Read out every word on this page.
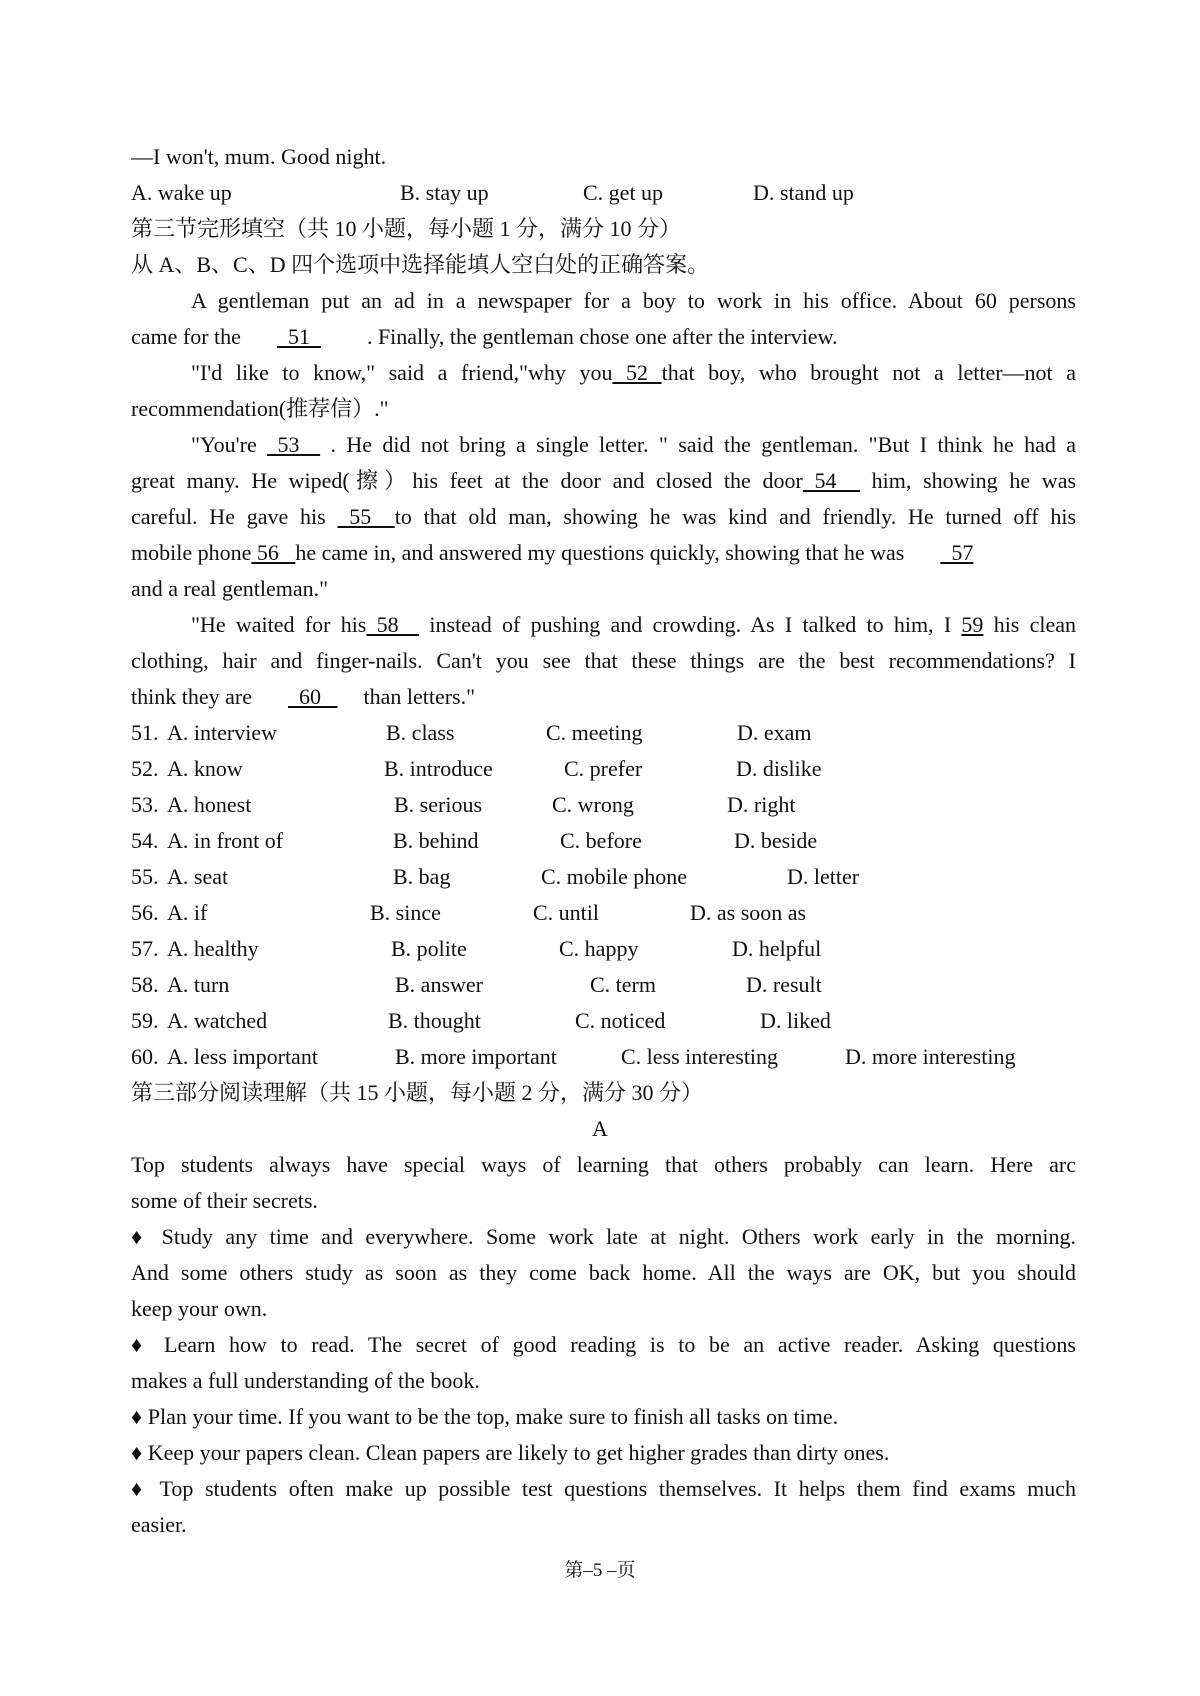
—I won't, mum. Good night.
A. wake up	B. stay up	C. get up	D. stand up
第三节完形填空（共 10 小题，每小题 1 分，满分 10 分）
从 A、B、C、D 四个选项中选择能填人空白处的正确答案。
A gentleman put an ad in a newspaper for a boy to work in his office. About 60 persons
came for the  51  . Finally, the gentleman chose one after the interview.
"I'd like to know," said a friend,"why you 52 that boy, who brought not a letter—not a
recommendation(推荐信）."
"You're  53   . He did not bring a single letter. " said the gentleman. "But I think he had a
great many. He wiped(擦）his feet at the door and closed the door 54   him, showing he was
careful. He gave his  55  to that old man, showing he was kind and friendly. He turned off his
mobile phone 56   he came in, and answered my questions quickly, showing that he was  57
and a real gentleman."
"He waited for his 58   instead of pushing and crowding. As I talked to him, I 59 his clean
clothing, hair and finger-nails. Can't you see that these things are the best recommendations? I
think they are  60   than letters."
51. A. interview	B. class	C. meeting	D. exam
52. A. know	B. introduce	C. prefer	D. dislike
53. A. honest	B. serious	C. wrong	D. right
54. A. in front of	B. behind	C. before	D. beside
55. A. seat	B. bag	C. mobile phone	D. letter
56. A. if	B. since	C. until	D. as soon as
57. A. healthy	B. polite	C. happy	D. helpful
58. A. turn	B. answer	C. term	D. result
59. A. watched	B. thought	C. noticed	D. liked
60. A. less important	B. more important	C. less interesting	D. more interesting
第三部分阅读理解（共 15 小题，每小题 2 分，满分 30 分）
A
Top students always have special ways of learning that others probably can learn. Here arc
some of their secrets.
♦ Study any time and everywhere. Some work late at night. Others work early in the morning.
And some others study as soon as they come back home. All the ways are OK, but you should
keep your own.
♦ Learn how to read. The secret of good reading is to be an active reader. Asking questions
makes a full understanding of the book.
♦ Plan your time. If you want to be the top, make sure to finish all tasks on time.
♦ Keep your papers clean. Clean papers are likely to get higher grades than dirty ones.
♦ Top students often make up possible test questions themselves. It helps them find exams much
easier.
第–5 –页
